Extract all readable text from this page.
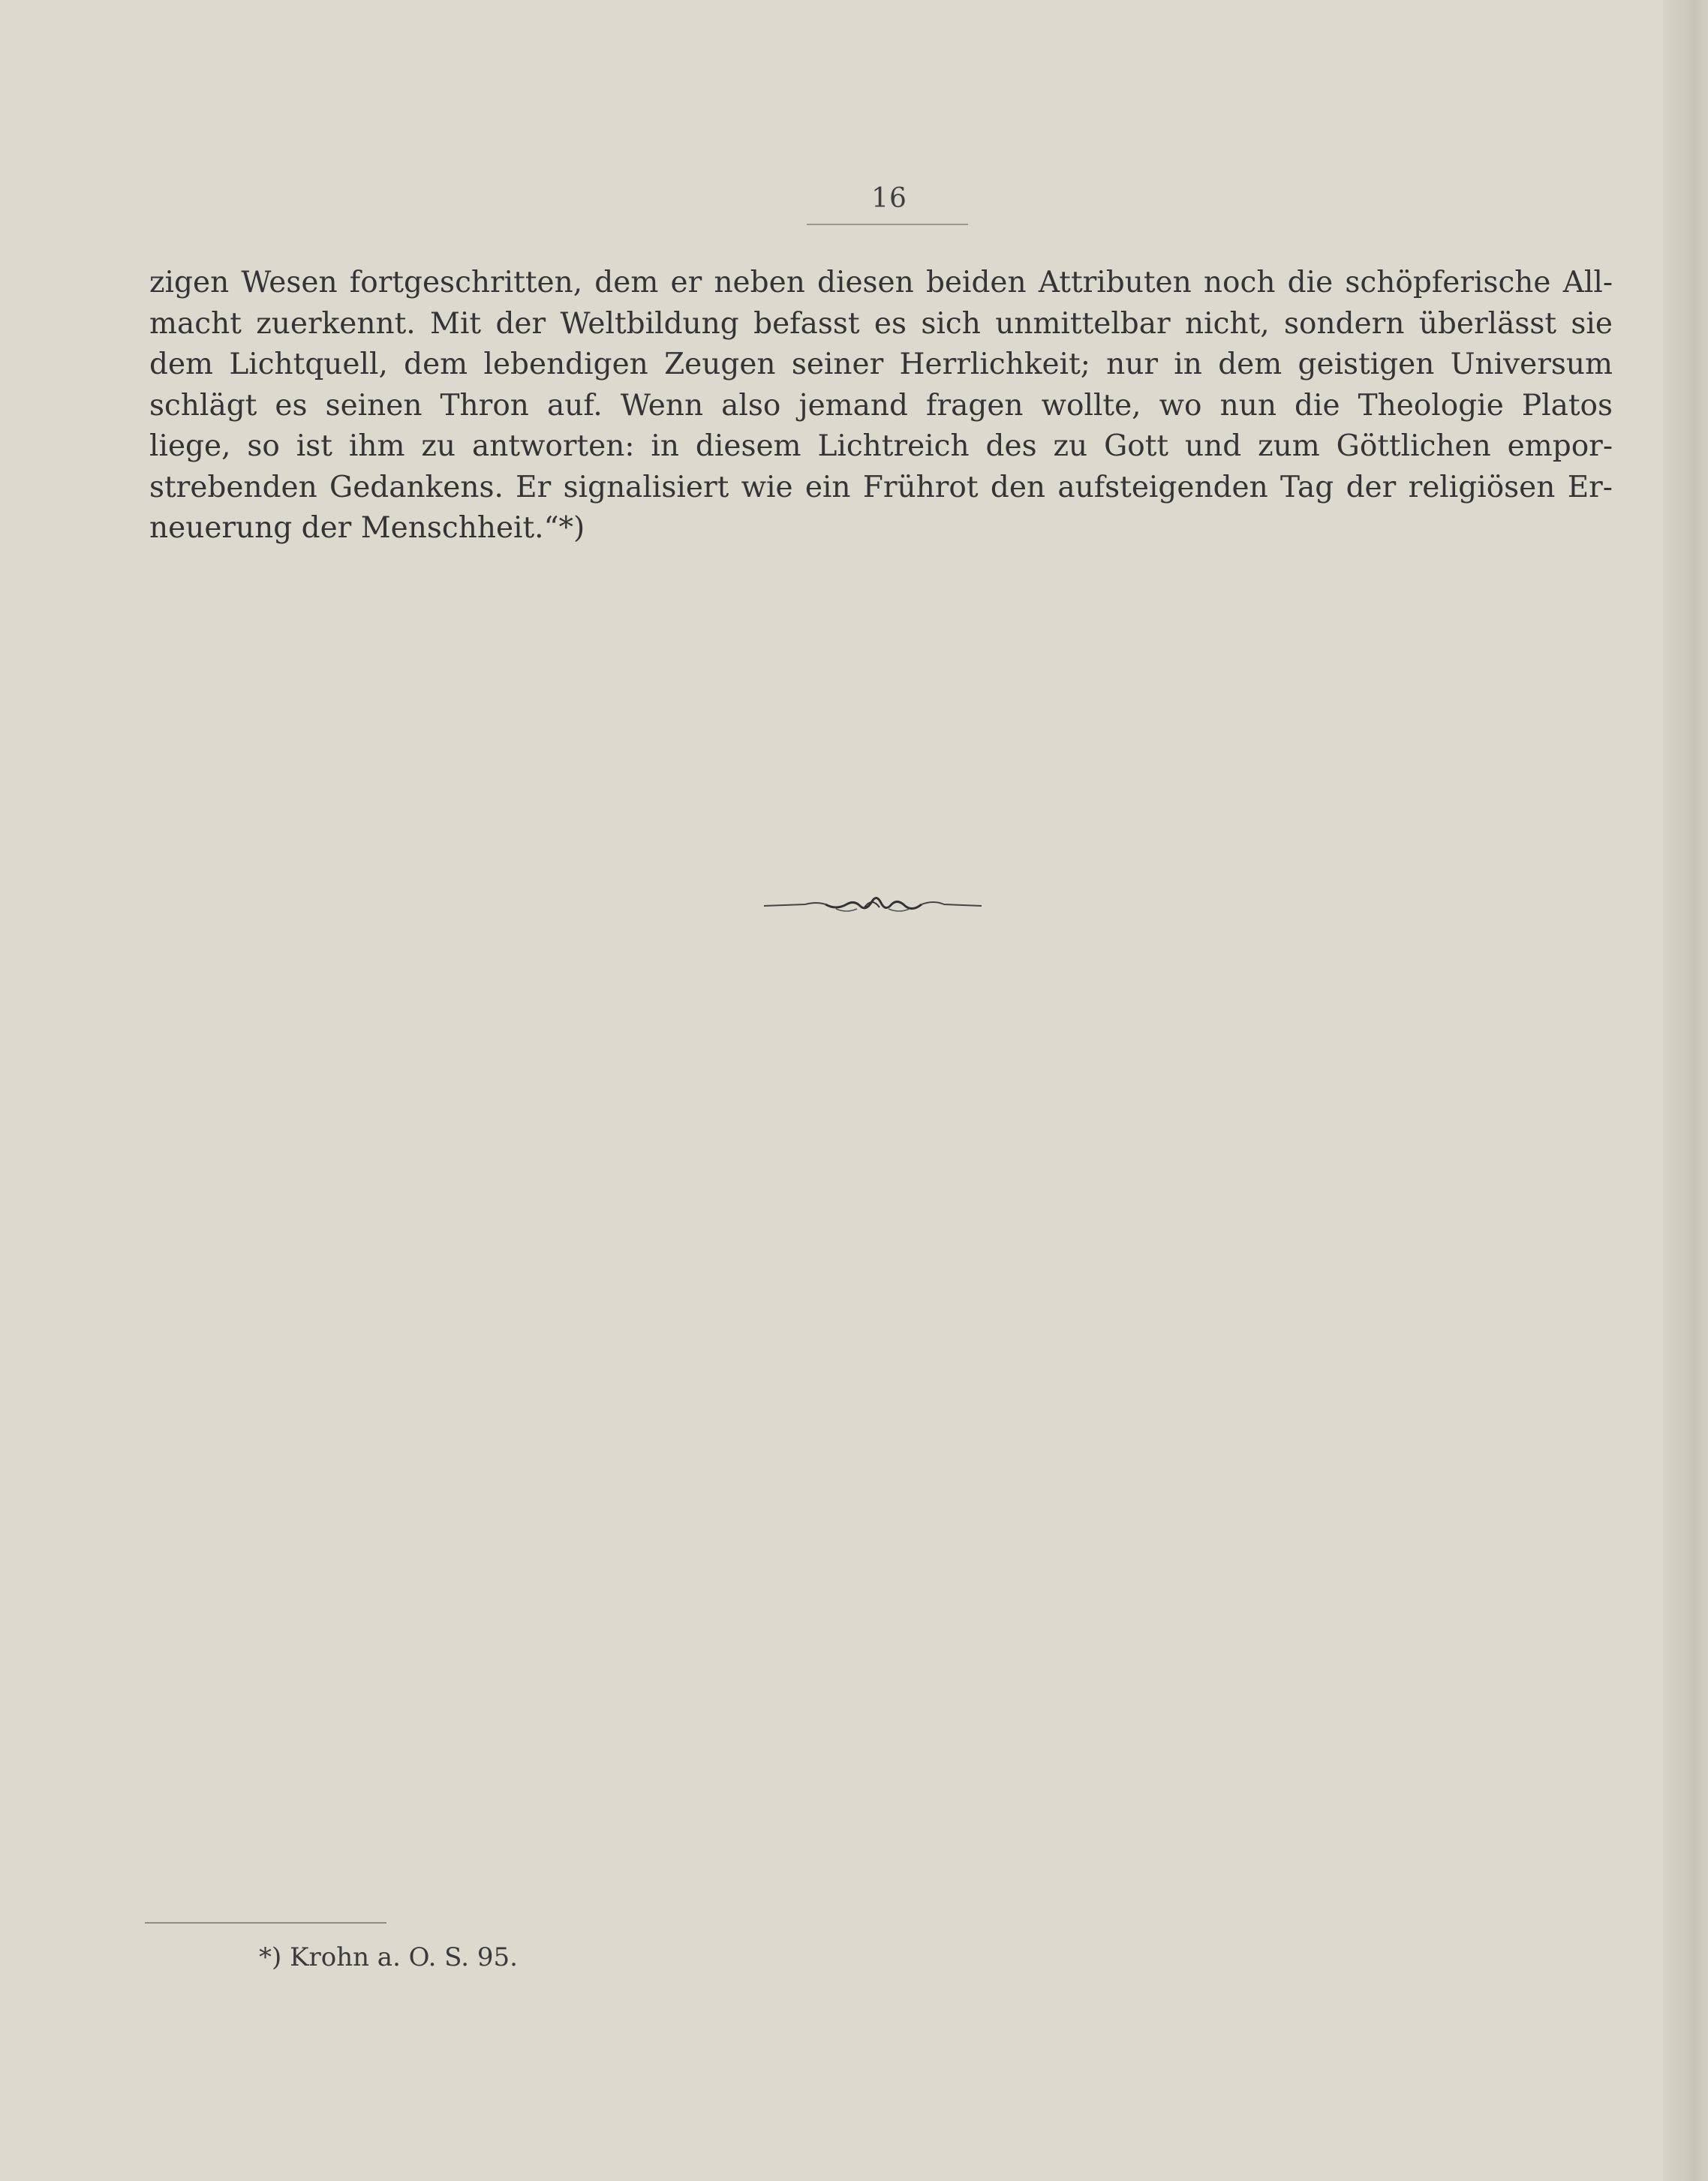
16
zigen Wesen fortgeschritten, dem er neben diesen beiden Attributen noch die schöpferische All-
macht zuerkennt. Mit der Weltbildung befasst es sich unmittelbar nicht, sondern überlässt sie
dem Lichtquell, dem lebendigen Zeugen seiner Herrlichkeit; nur in dem geistigen Universum
schlägt es seinen Thron auf. Wenn also jemand fragen wollte, wo nun die Theologie Platos
liege, so ist ihm zu antworten: in diesem Lichtreich des zu Gott und zum Göttlichen empor-
strebenden Gedankens. Er signalisiert wie ein Frührot den aufsteigenden Tag der religiösen Er-
neuerung der Menschheit.“*)
*) Krohn a. O. S. 95.
